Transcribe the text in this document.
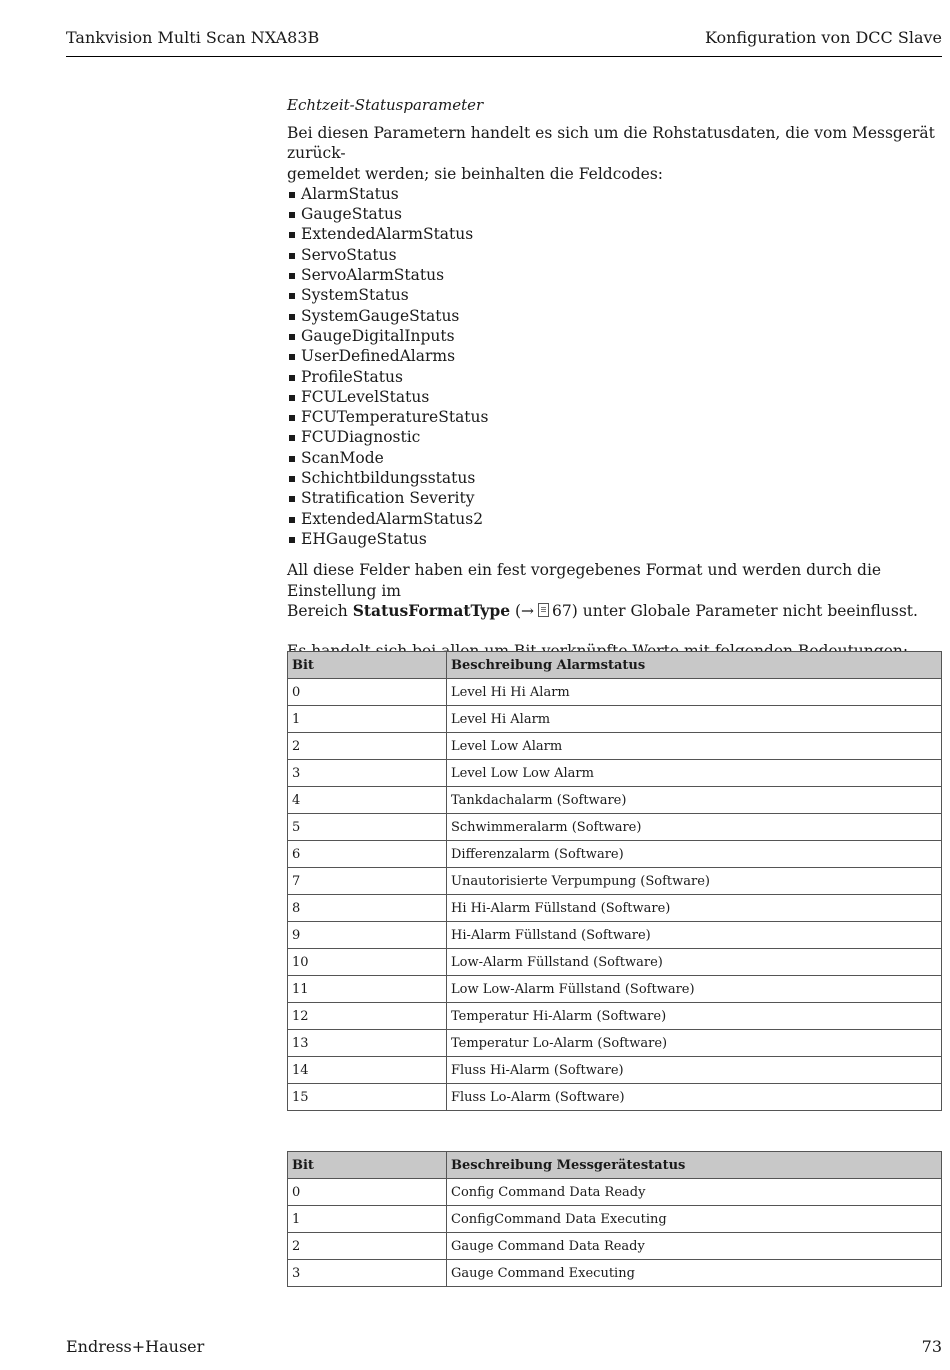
Tankvision Multi Scan NXA83B	Konfiguration von DCC Slave

Echtzeit-Statusparameter

Bei diesen Parametern handelt es sich um die Rohstatusdaten, die vom Messgerät zurück-
gemeldet werden; sie beinhalten die Feldcodes:

AlarmStatus
GaugeStatus
ExtendedAlarmStatus
ServoStatus
ServoAlarmStatus
SystemStatus
SystemGaugeStatus
GaugeDigitalInputs
UserDefinedAlarms
ProfileStatus
FCULevelStatus
FCUTemperatureStatus
FCUDiagnostic
ScanMode
Schichtbildungsstatus
Stratification Severity
ExtendedAlarmStatus2
EHGaugeStatus

All diese Felder haben ein fest vorgegebenes Format und werden durch die Einstellung im
Bereich StatusFormatType (→ 67) unter Globale Parameter nicht beeinflusst.

Bit	Beschreibung Alarmstatus
0	Level Hi Hi Alarm
1	Level Hi Alarm
2	Level Low Alarm
3	Level Low Low Alarm
4	Tankdachalarm (Software)
5	Schwimmeralarm (Software)
6	Differenzalarm (Software)
7	Unautorisierte Verpumpung (Software)
8	Hi Hi-Alarm Füllstand (Software)
9	Hi-Alarm Füllstand (Software)
10	Low-Alarm Füllstand (Software)
11	Low Low-Alarm Füllstand (Software)
12	Temperatur Hi-Alarm (Software)
13	Temperatur Lo-Alarm (Software)
14	Fluss Hi-Alarm (Software)
15	Fluss Lo-Alarm (Software)
Bit	Beschreibung Messgerätestatus
0	Config Command Data Ready
1	ConfigCommand Data Executing
2	Gauge Command Data Ready
3	Gauge Command Executing
Endress+Hauser	73
